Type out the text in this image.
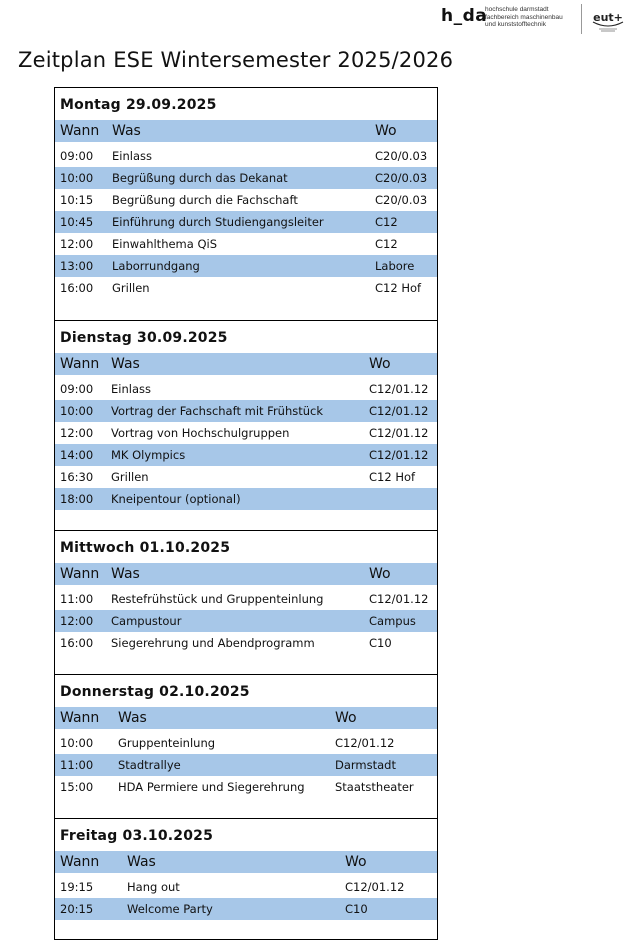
h_da
hochschule darmstadt
fachbereich maschinenbau
und kunststofftechnik
eut+
Zeitplan ESE Wintersemester 2025/2026
Montag 29.09.2025
Wann Was	Wo
09:00 Einlass	C20/0.03
10:00 Begrüßung durch das Dekanat	C20/0.03
10:15 Begrüßung durch die Fachschaft	C20/0.03
10:45 Einführung durch Studiengangsleiter	C12
12:00 Einwahlthema QiS	C12
13:00 Laborrundgang	Labore
16:00 Grillen	C12 Hof
Dienstag 30.09.2025
Wann Was	Wo
09:00 Einlass	C12/01.12
10:00 Vortrag der Fachschaft mit Frühstück	C12/01.12
12:00 Vortrag von Hochschulgruppen	C12/01.12
14:00 MK Olympics	C12/01.12
16:30 Grillen	C12 Hof
18:00 Kneipentour (optional)
Mittwoch 01.10.2025
Wann Was	Wo
11:00 Restefrühstück und Gruppenteinlung	C12/01.12
12:00 Campustour	Campus
16:00 Siegerehrung und Abendprogramm	C10
Donnerstag 02.10.2025
Wann Was	Wo
10:00 Gruppenteinlung	C12/01.12
11:00 Stadtrallye	Darmstadt
15:00 HDA Permiere und Siegerehrung	Staatstheater
Freitag 03.10.2025
Wann Was	Wo
19:15	Hang out	C12/01.12
20:15	Welcome Party	C10
